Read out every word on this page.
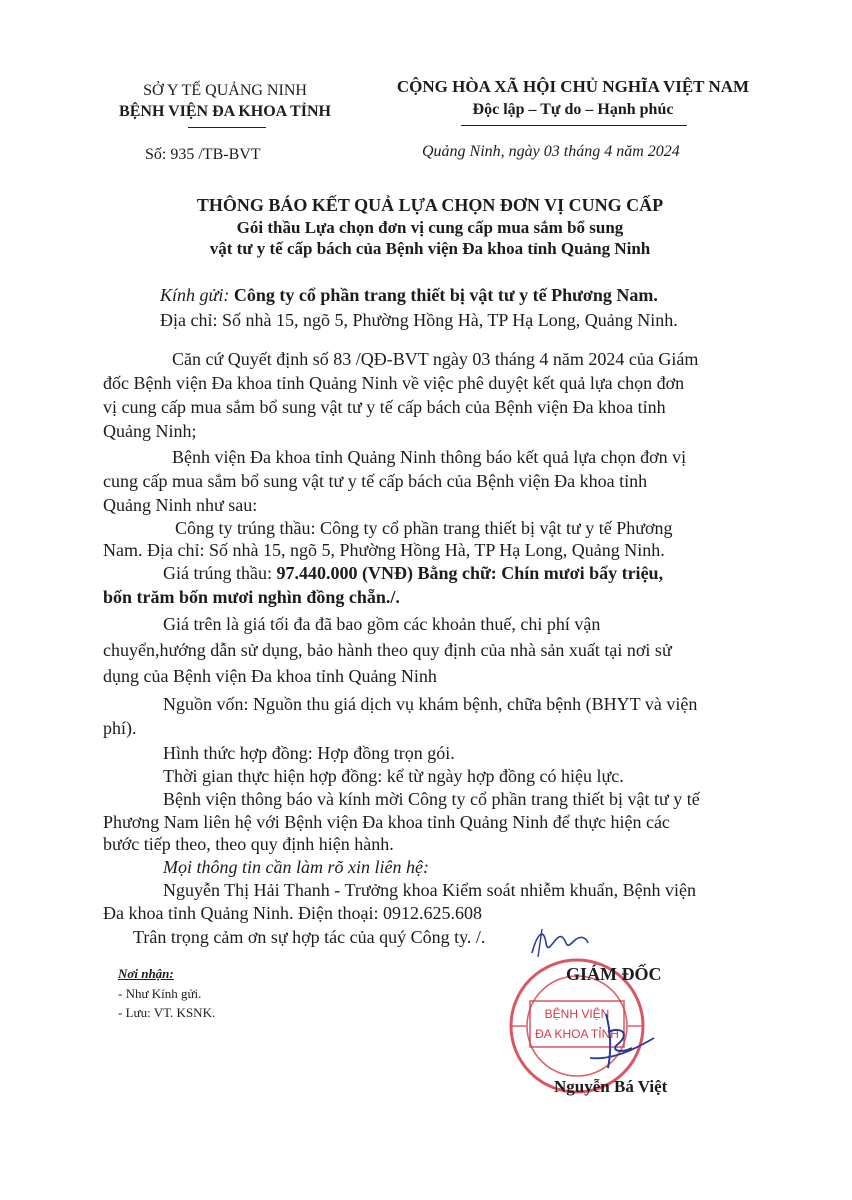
SỞ Y TẾ QUẢNG NINH
BỆNH VIỆN ĐA KHOA TỈNH
CỘNG HÒA XÃ HỘI CHỦ NGHĨA VIỆT NAM
Độc lập – Tự do – Hạnh phúc
Số: 935 /TB-BVT	Quảng Ninh, ngày 03 tháng 4 năm 2024
THÔNG BÁO KẾT QUẢ LỰA CHỌN ĐƠN VỊ CUNG CẤP
Gói thầu Lựa chọn đơn vị cung cấp mua sắm bổ sung
vật tư y tế cấp bách của Bệnh viện Đa khoa tỉnh Quảng Ninh
Kính gửi: Công ty cổ phần trang thiết bị vật tư y tế Phương Nam.
Địa chỉ: Số nhà 15, ngõ 5, Phường Hồng Hà, TP Hạ Long, Quảng Ninh.
Căn cứ Quyết định số 83 /QĐ-BVT ngày 03 tháng 4 năm 2024 của Giám
đốc Bệnh viện Đa khoa tỉnh Quảng Ninh về việc phê duyệt kết quả lựa chọn đơn
vị cung cấp mua sắm bổ sung vật tư y tế cấp bách của Bệnh viện Đa khoa tỉnh
Quảng Ninh;
Bệnh viện Đa khoa tỉnh Quảng Ninh thông báo kết quả lựa chọn đơn vị
cung cấp mua sắm bổ sung vật tư y tế cấp bách của Bệnh viện Đa khoa tỉnh
Quảng Ninh như sau:
Công ty trúng thầu: Công ty cổ phần trang thiết bị vật tư y tế Phương
Nam. Địa chỉ: Số nhà 15, ngõ 5, Phường Hồng Hà, TP Hạ Long, Quảng Ninh.
Giá trúng thầu: 97.440.000 (VNĐ) Bằng chữ: Chín mươi bẩy triệu,
bốn trăm bốn mươi nghìn đồng chẵn./.
Giá trên là giá tối đa đã bao gồm các khoản thuế, chi phí vận
chuyển,hướng dẫn sử dụng, bảo hành theo quy định của nhà sản xuất tại nơi sử
dụng của Bệnh viện Đa khoa tỉnh Quảng Ninh
Nguồn vốn: Nguồn thu giá dịch vụ khám bệnh, chữa bệnh (BHYT và viện
phí).
Hình thức hợp đồng: Hợp đồng trọn gói.
Thời gian thực hiện hợp đồng: kể từ ngày hợp đồng có hiệu lực.
Bệnh viện thông báo và kính mời Công ty cổ phần trang thiết bị vật tư y tế
Phương Nam liên hệ với Bệnh viện Đa khoa tỉnh Quảng Ninh để thực hiện các
bước tiếp theo, theo quy định hiện hành.
Mọi thông tin cần làm rõ xin liên hệ:
Nguyễn Thị Hải Thanh - Trưởng khoa Kiểm soát nhiễm khuẩn, Bệnh viện
Đa khoa tỉnh Quảng Ninh. Điện thoại: 0912.625.608
Trân trọng cảm ơn sự hợp tác của quý Công ty. /.
Nơi nhận:
- Như Kính gửi.
- Lưu: VT. KSNK.	BỆNH VIỆN
ĐA KHOA TỈNH
GIÁM ĐỐC
Nguyễn Bá Việt
